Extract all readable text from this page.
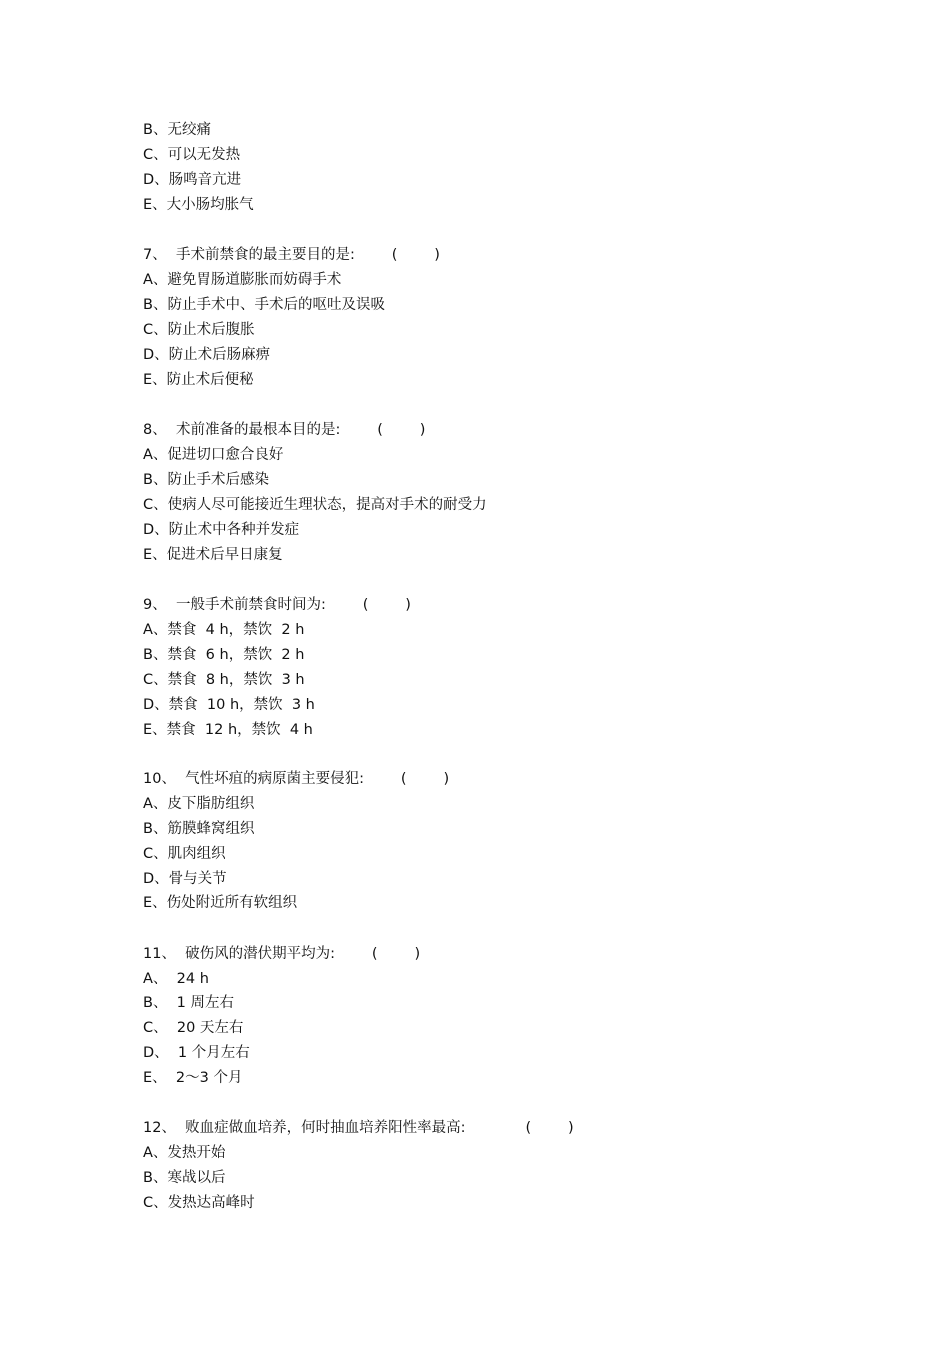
B、无绞痛
C、可以无发热
D、肠鸣音亢进
E、大小肠均胀气
7、  手术前禁食的最主要目的是:        (        )
A、避免胃肠道膨胀而妨碍手术
B、防止手术中、手术后的呕吐及误吸
C、防止术后腹胀
D、防止术后肠麻痹
E、防止术后便秘
8、  术前准备的最根本目的是:        (        )
A、促进切口愈合良好
B、防止手术后感染
C、使病人尽可能接近生理状态，提高对手术的耐受力
D、防止术中各种并发症
E、促进术后早日康复
9、  一般手术前禁食时间为:        (        )
A、禁食  4 h，禁饮  2 h
B、禁食  6 h，禁饮  2 h
C、禁食  8 h，禁饮  3 h
D、禁食  10 h，禁饮  3 h
E、禁食  12 h，禁饮  4 h
10、  气性坏疽的病原菌主要侵犯:        (        )
A、皮下脂肪组织
B、筋膜蜂窝组织
C、肌肉组织
D、骨与关节
E、伤处附近所有软组织
11、  破伤风的潜伏期平均为:        (        )
A、  24 h
B、  1 周左右
C、  20 天左右
D、  1 个月左右
E、  2～3 个月
12、  败血症做血培养，何时抽血培养阳性率最高:             (        )
A、发热开始
B、寒战以后
C、发热达高峰时
